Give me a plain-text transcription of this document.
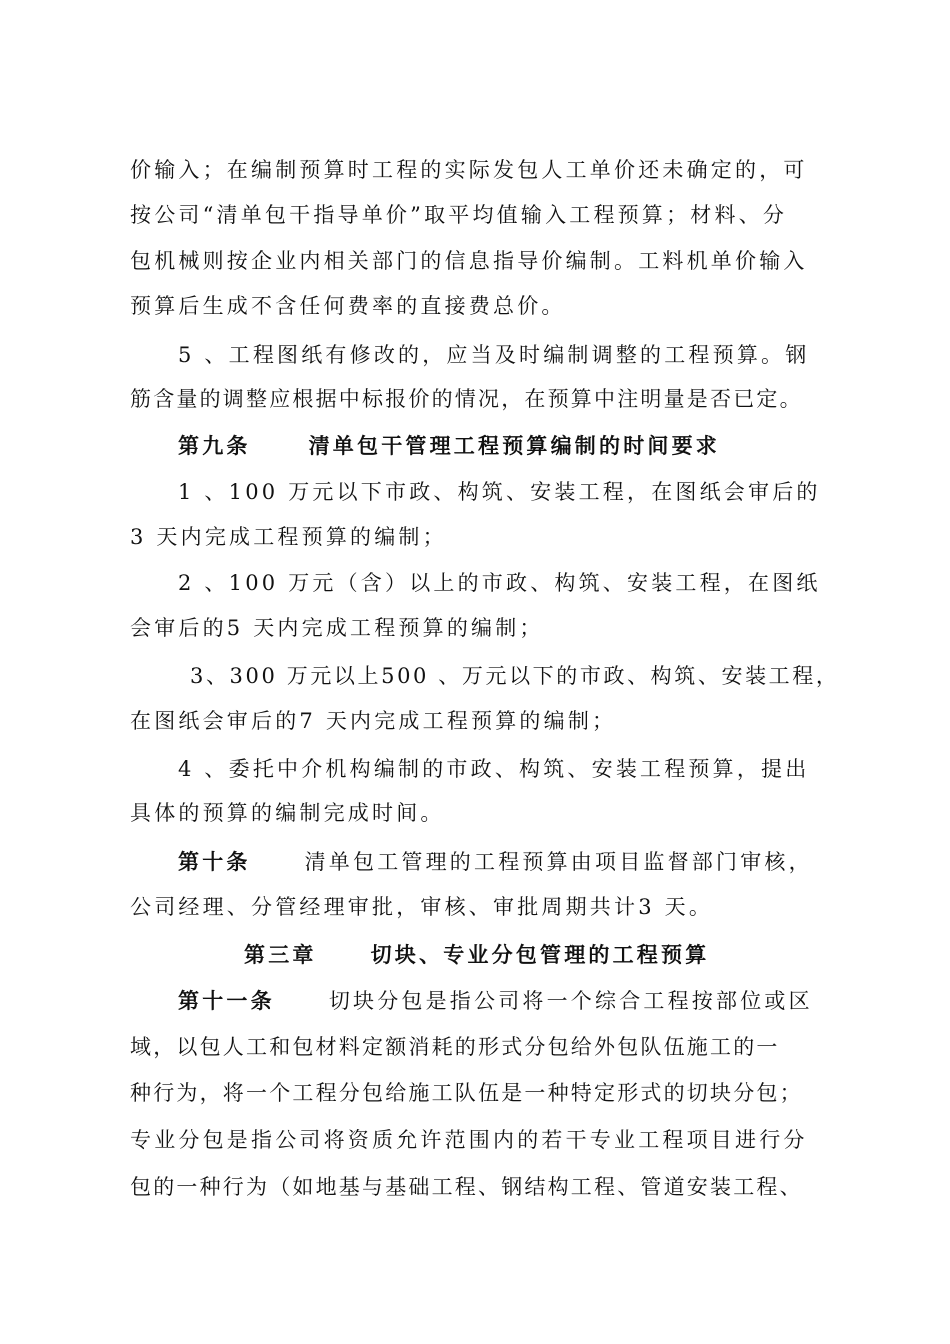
价输入；在编制预算时工程的实际发包人工单价还未确定的，可
按公司“清单包干指导单价”取平均值输入工程预算；材料、分
包机械则按企业内相关部门的信息指导价编制。工料机单价输入
预算后生成不含任何费率的直接费总价。
5 、工程图纸有修改的，应当及时编制调整的工程预算。钢
筋含量的调整应根据中标报价的情况，在预算中注明量是否已定。
第九条	清单包干管理工程预算编制的时间要求
1 、100 万元以下市政、构筑、安装工程，在图纸会审后的
3 天内完成工程预算的编制；
2 、100 万元（含）以上的市政、构筑、安装工程，在图纸
会审后的5 天内完成工程预算的编制；
3、300 万元以上500 、万元以下的市政、构筑、安装工程，
在图纸会审后的7 天内完成工程预算的编制；
4 、委托中介机构编制的市政、构筑、安装工程预算，提出
具体的预算的编制完成时间。
第十条	清单包工管理的工程预算由项目监督部门审核，
公司经理、分管经理审批，审核、审批周期共计3 天。
第三章	切块、专业分包管理的工程预算
第十一条	切块分包是指公司将一个综合工程按部位或区
域，以包人工和包材料定额消耗的形式分包给外包队伍施工的一
种行为，将一个工程分包给施工队伍是一种特定形式的切块分包；
专业分包是指公司将资质允许范围内的若干专业工程项目进行分
包的一种行为（如地基与基础工程、钢结构工程、管道安装工程、
